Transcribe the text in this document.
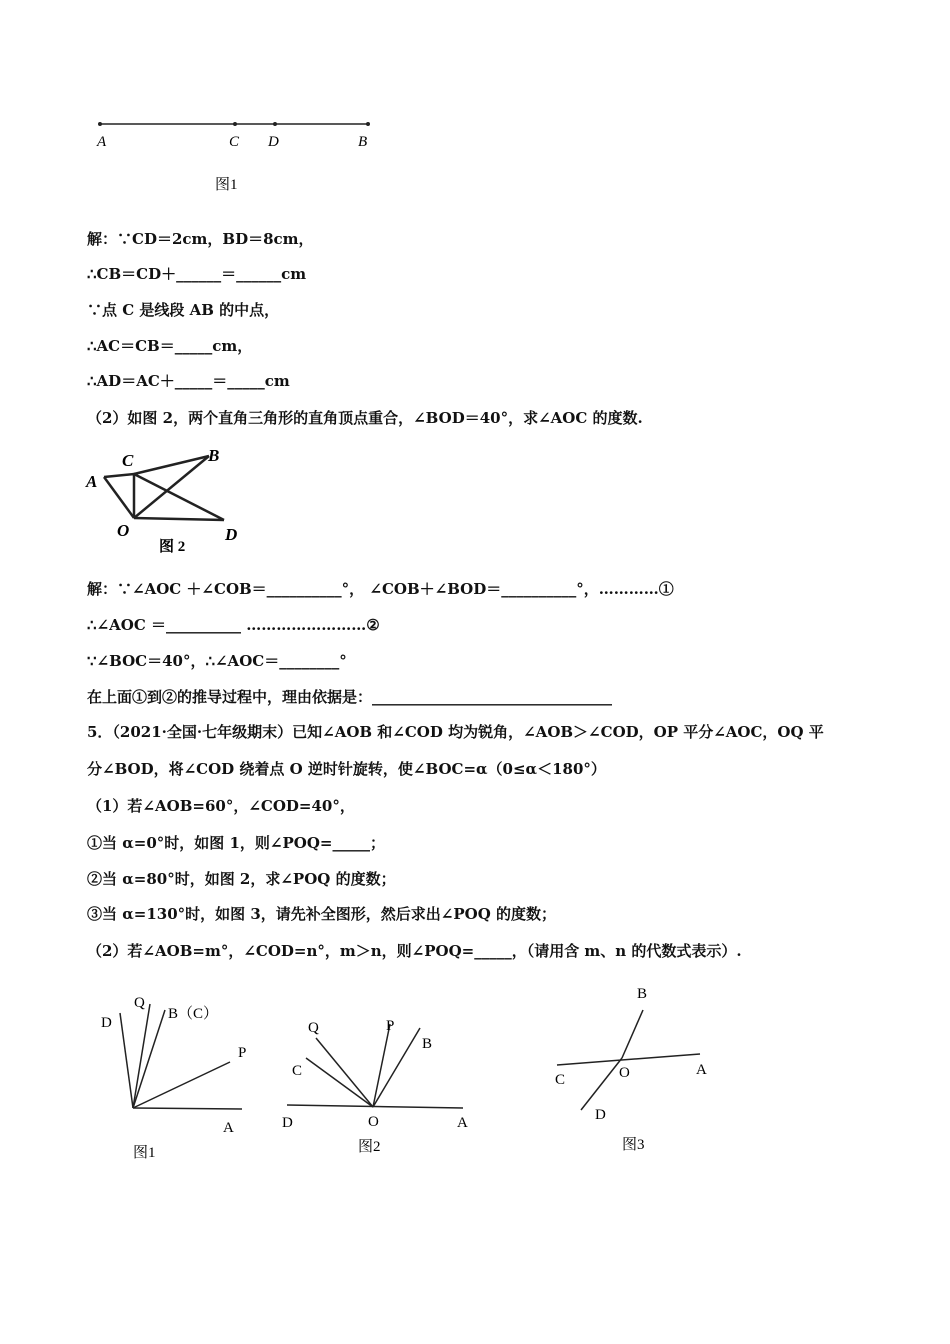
A	C D	B
图1
解：∵CD＝2cm，BD＝8cm，
∴CB＝CD＋______＝______cm
∵点 C 是线段 AB 的中点，
∴AC＝CB＝_____cm，
∴AD＝AC＋_____＝_____cm
（2）如图 2，两个直角三角形的直角顶点重合，∠BOD＝40°，求∠AOC 的度数.
A
C	B
O	D
图 2
解：∵∠AOC ＋∠COB＝__________°， ∠COB＋∠BOD＝__________°，…………①
∴∠AOC ＝__________ ……………………②
∵∠BOC＝40°，∴∠AOC＝________°
在上面①到②的推导过程中，理由依据是：________________________________
5．（2021·全国·七年级期末）已知∠AOB 和∠COD 均为锐角，∠AOB＞∠COD，OP 平分∠AOC，OQ 平
分∠BOD，将∠COD 绕着点 O 逆时针旋转，使∠BOC=α（0≤α＜180°）
（1）若∠AOB=60°，∠COD=40°，
①当 α=0°时，如图 1，则∠POQ=_____；
②当 α=80°时，如图 2，求∠POQ 的度数；
③当 α=130°时，如图 3，请先补全图形，然后求出∠POQ 的度数；
（2）若∠AOB=m°，∠COD=n°，m＞n，则∠POQ=_____，（请用含 m、n 的代数式表示）.
D
Q
B（C）
P
A
图1
Q	P
B
C
D	O	A
图2
B
C	O	A
D
图3
